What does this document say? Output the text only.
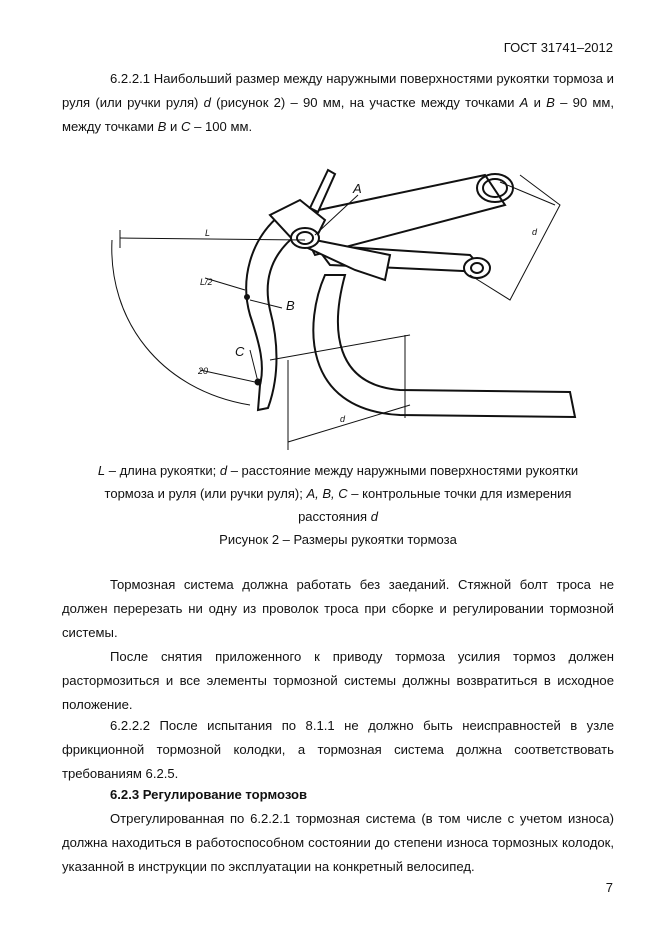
ГОСТ 31741–2012
6.2.2.1 Наибольший размер между наружными поверхностями рукоятки тормоза и руля (или ручки руля) d (рисунок 2) – 90 мм, на участке между точками A и B – 90 мм, между точками B и C – 100 мм.
A
B
C
L
L/2
d
d
20
L – длина рукоятки; d – расстояние между наружными поверхностями рукоятки
тормоза и руля (или ручки руля); A, B, C – контрольные точки для измерения
расстояния d
Рисунок 2 – Размеры рукоятки тормоза
Тормозная система должна работать без заеданий. Стяжной болт троса не должен перерезать ни одну из проволок троса при сборке и регулировании тормозной системы.
После снятия приложенного к приводу тормоза усилия тормоз должен растормозиться и все элементы тормозной системы должны возвратиться в исходное положение.
6.2.2.2 После испытания по 8.1.1 не должно быть неисправностей в узле фрикционной тормозной колодки, а тормозная система должна соответствовать требованиям 6.2.5.
6.2.3 Регулирование тормозов
Отрегулированная по 6.2.2.1 тормозная система (в том числе с учетом износа) должна находиться в работоспособном состоянии до степени износа тормозных колодок, указанной в инструкции по эксплуатации на конкретный велосипед.
7
